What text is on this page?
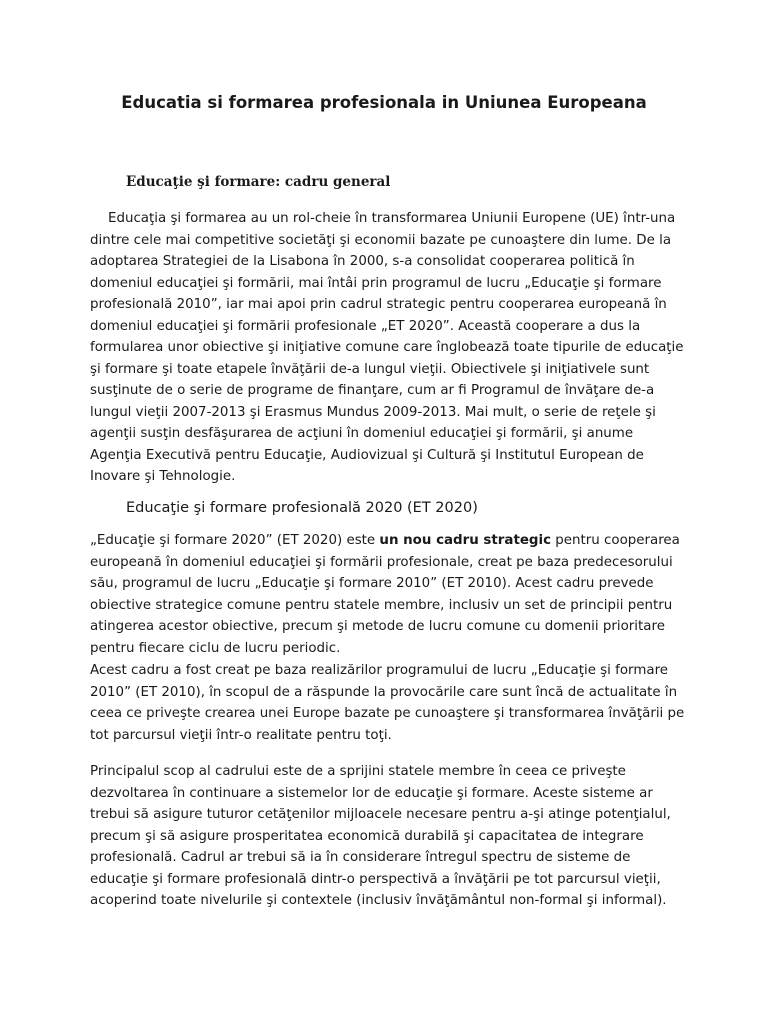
Educatia si formarea profesionala in Uniunea Europeana
Educaţie şi formare: cadru general

Educaţia şi formarea au un rol-cheie în transformarea Uniunii Europene (UE) într-una dintre cele mai competitive societăţi şi economii bazate pe cunoaştere din lume. De la adoptarea Strategiei de la Lisabona în 2000, s-a consolidat cooperarea politică în domeniul educaţiei şi formării, mai întâi prin programul de lucru „Educaţie şi formare profesională 2010”, iar mai apoi prin cadrul strategic pentru cooperarea europeană în domeniul educaţiei şi formării profesionale „ET 2020”. Această cooperare a dus la formularea unor obiective şi iniţiative comune care înglobează toate tipurile de educaţie şi formare şi toate etapele învăţării de-a lungul vieţii. Obiectivele şi iniţiativele sunt susţinute de o serie de programe de finanţare, cum ar fi Programul de învăţare de-a lungul vieţii 2007-2013 şi Erasmus Mundus 2009-2013. Mai mult, o serie de reţele şi agenţii susţin desfăşurarea de acţiuni în domeniul educaţiei şi formării, şi anume Agenţia Executivă pentru Educaţie, Audiovizual şi Cultură şi Institutul European de Inovare şi Tehnologie.

Educaţie şi formare profesională 2020 (ET 2020)

„Educaţie şi formare 2020” (ET 2020) este un nou cadru strategic pentru cooperarea europeană în domeniul educaţiei şi formării profesionale, creat pe baza predecesorului său, programul de lucru „Educaţie şi formare 2010” (ET 2010). Acest cadru prevede obiective strategice comune pentru statele membre, inclusiv un set de principii pentru atingerea acestor obiective, precum şi metode de lucru comune cu domenii prioritare pentru fiecare ciclu de lucru periodic.

Acest cadru a fost creat pe baza realizărilor programului de lucru „Educaţie şi formare 2010” (ET 2010), în scopul de a răspunde la provocările care sunt încă de actualitate în ceea ce priveşte crearea unei Europe bazate pe cunoaştere şi transformarea învăţării pe tot parcursul vieţii într-o realitate pentru toţi.

Principalul scop al cadrului este de a sprijini statele membre în ceea ce priveşte dezvoltarea în continuare a sistemelor lor de educaţie şi formare. Aceste sisteme ar trebui să asigure tuturor cetăţenilor mijloacele necesare pentru a-şi atinge potenţialul, precum şi să asigure prosperitatea economică durabilă şi capacitatea de integrare profesională. Cadrul ar trebui să ia în considerare întregul spectru de sisteme de educaţie şi formare profesională dintr-o perspectivă a învăţării pe tot parcursul vieţii, acoperind toate nivelurile şi contextele (inclusiv învăţământul non-formal şi informal).
